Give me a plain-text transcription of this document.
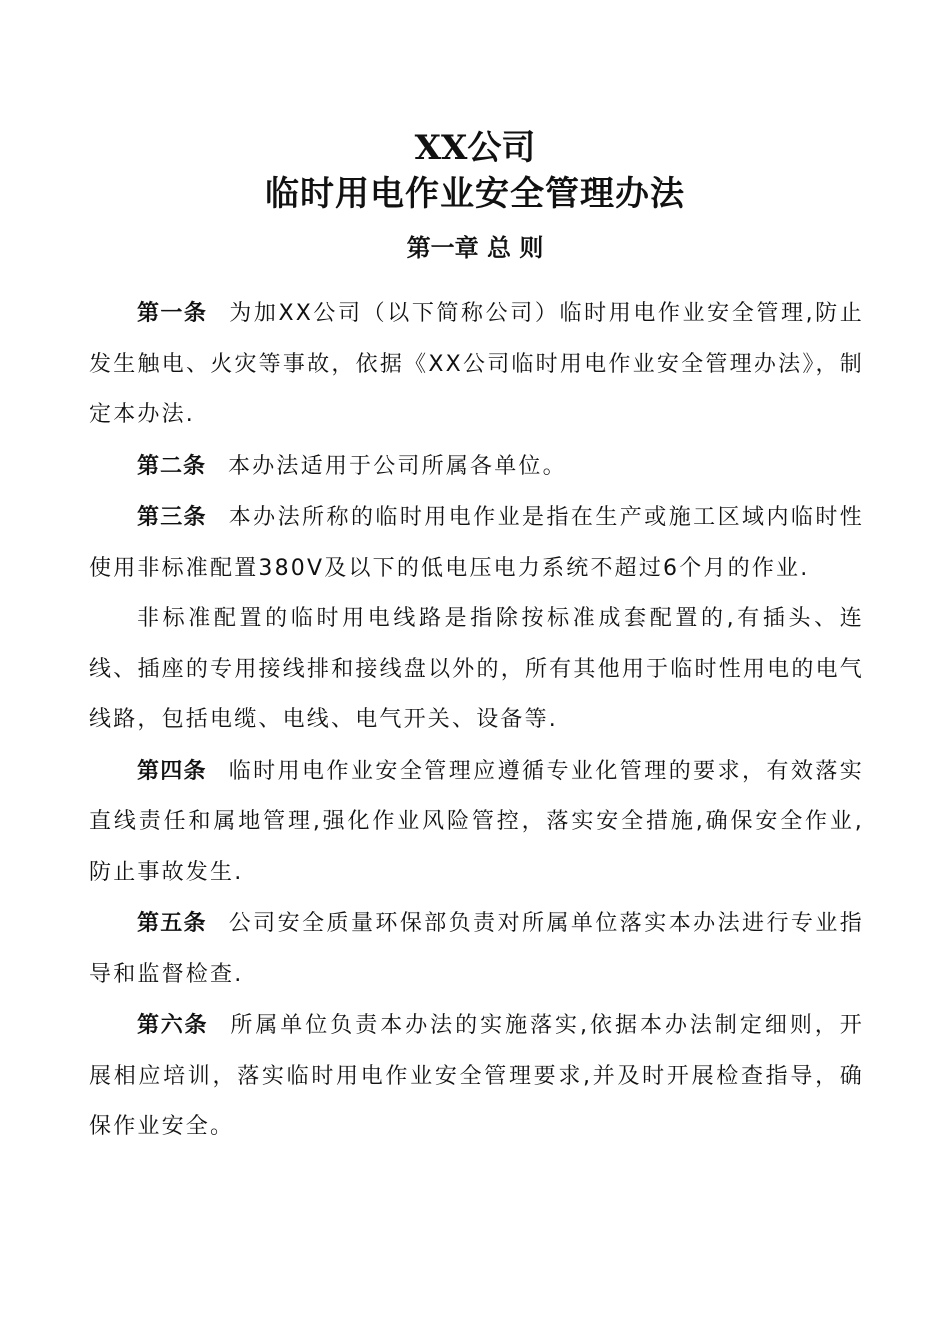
XX公司
临时用电作业安全管理办法
第一章 总 则

第一条 为加XX公司（以下简称公司）临时用电作业安全管理,防止发生触电、火灾等事故，依据《XX公司临时用电作业安全管理办法》，制定本办法.

第二条 本办法适用于公司所属各单位。

第三条 本办法所称的临时用电作业是指在生产或施工区域内临时性使用非标准配置380V及以下的低电压电力系统不超过6个月的作业.

非标准配置的临时用电线路是指除按标准成套配置的,有插头、连线、插座的专用接线排和接线盘以外的，所有其他用于临时性用电的电气线路，包括电缆、电线、电气开关、设备等.

第四条 临时用电作业安全管理应遵循专业化管理的要求，有效落实直线责任和属地管理,强化作业风险管控，落实安全措施,确保安全作业,防止事故发生.

第五条 公司安全质量环保部负责对所属单位落实本办法进行专业指导和监督检查.

第六条 所属单位负责本办法的实施落实,依据本办法制定细则，开展相应培训，落实临时用电作业安全管理要求,并及时开展检查指导，确保作业安全。
